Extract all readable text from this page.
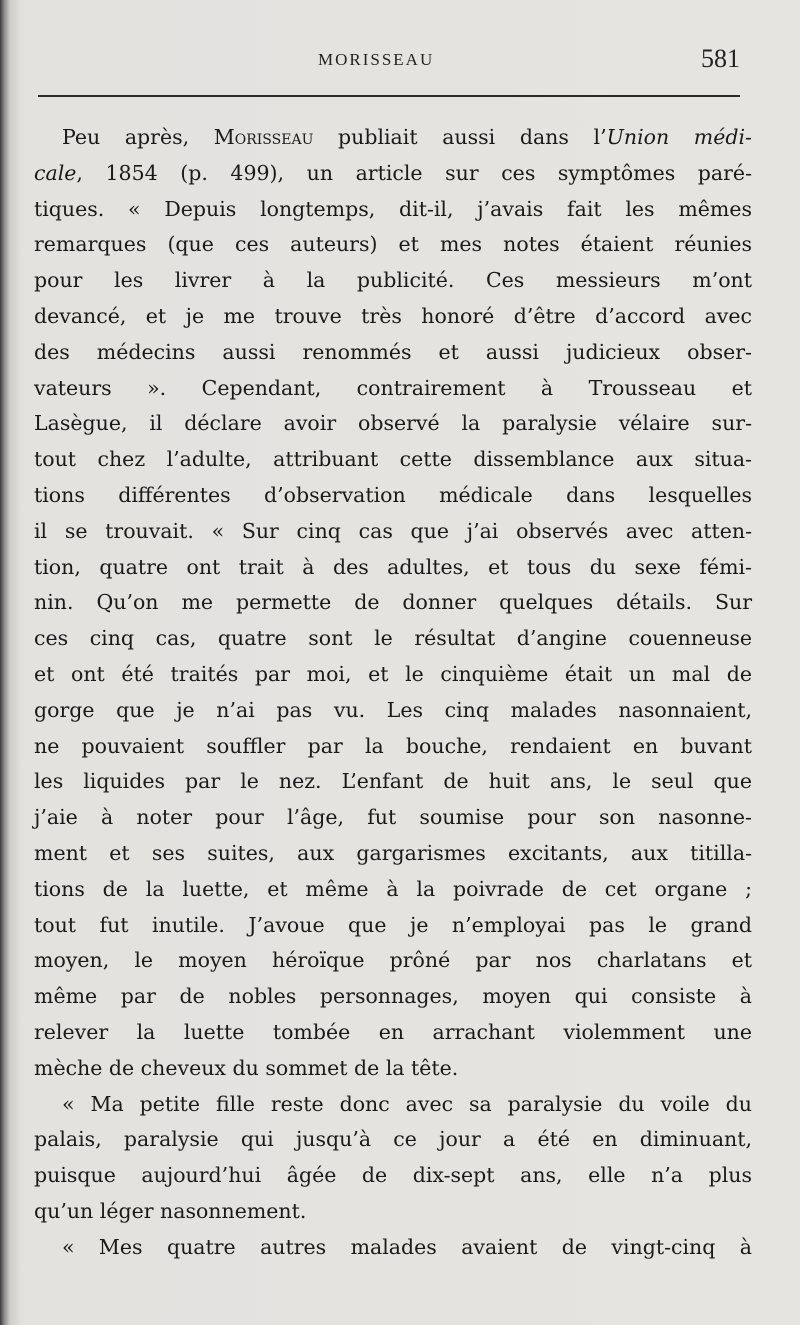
MORISSEAU	581
Peu après, Morisseau publiait aussi dans l’Union médi-
cale, 1854 (p. 499), un article sur ces symptômes paré-
tiques. « Depuis longtemps, dit-il, j’avais fait les mêmes
remarques (que ces auteurs) et mes notes étaient réunies
pour les livrer à la publicité. Ces messieurs m’ont
devancé, et je me trouve très honoré d’être d’accord avec
des médecins aussi renommés et aussi judicieux obser-
vateurs ». Cependant, contrairement à Trousseau et
Lasègue, il déclare avoir observé la paralysie vélaire sur-
tout chez l’adulte, attribuant cette dissemblance aux situa-
tions différentes d’observation médicale dans lesquelles
il se trouvait. « Sur cinq cas que j’ai observés avec atten-
tion, quatre ont trait à des adultes, et tous du sexe fémi-
nin. Qu’on me permette de donner quelques détails. Sur
ces cinq cas, quatre sont le résultat d’angine couenneuse
et ont été traités par moi, et le cinquième était un mal de
gorge que je n’ai pas vu. Les cinq malades nasonnaient,
ne pouvaient souffler par la bouche, rendaient en buvant
les liquides par le nez. L’enfant de huit ans, le seul que
j’aie à noter pour l’âge, fut soumise pour son nasonne-
ment et ses suites, aux gargarismes excitants, aux titilla-
tions de la luette, et même à la poivrade de cet organe ;
tout fut inutile. J’avoue que je n’employai pas le grand
moyen, le moyen héroïque prôné par nos charlatans et
même par de nobles personnages, moyen qui consiste à
relever la luette tombée en arrachant violemment une
mèche de cheveux du sommet de la tête.
« Ma petite fille reste donc avec sa paralysie du voile du
palais, paralysie qui jusqu’à ce jour a été en diminuant,
puisque aujourd’hui âgée de dix-sept ans, elle n’a plus
qu’un léger nasonnement.
« Mes quatre autres malades avaient de vingt-cinq à
